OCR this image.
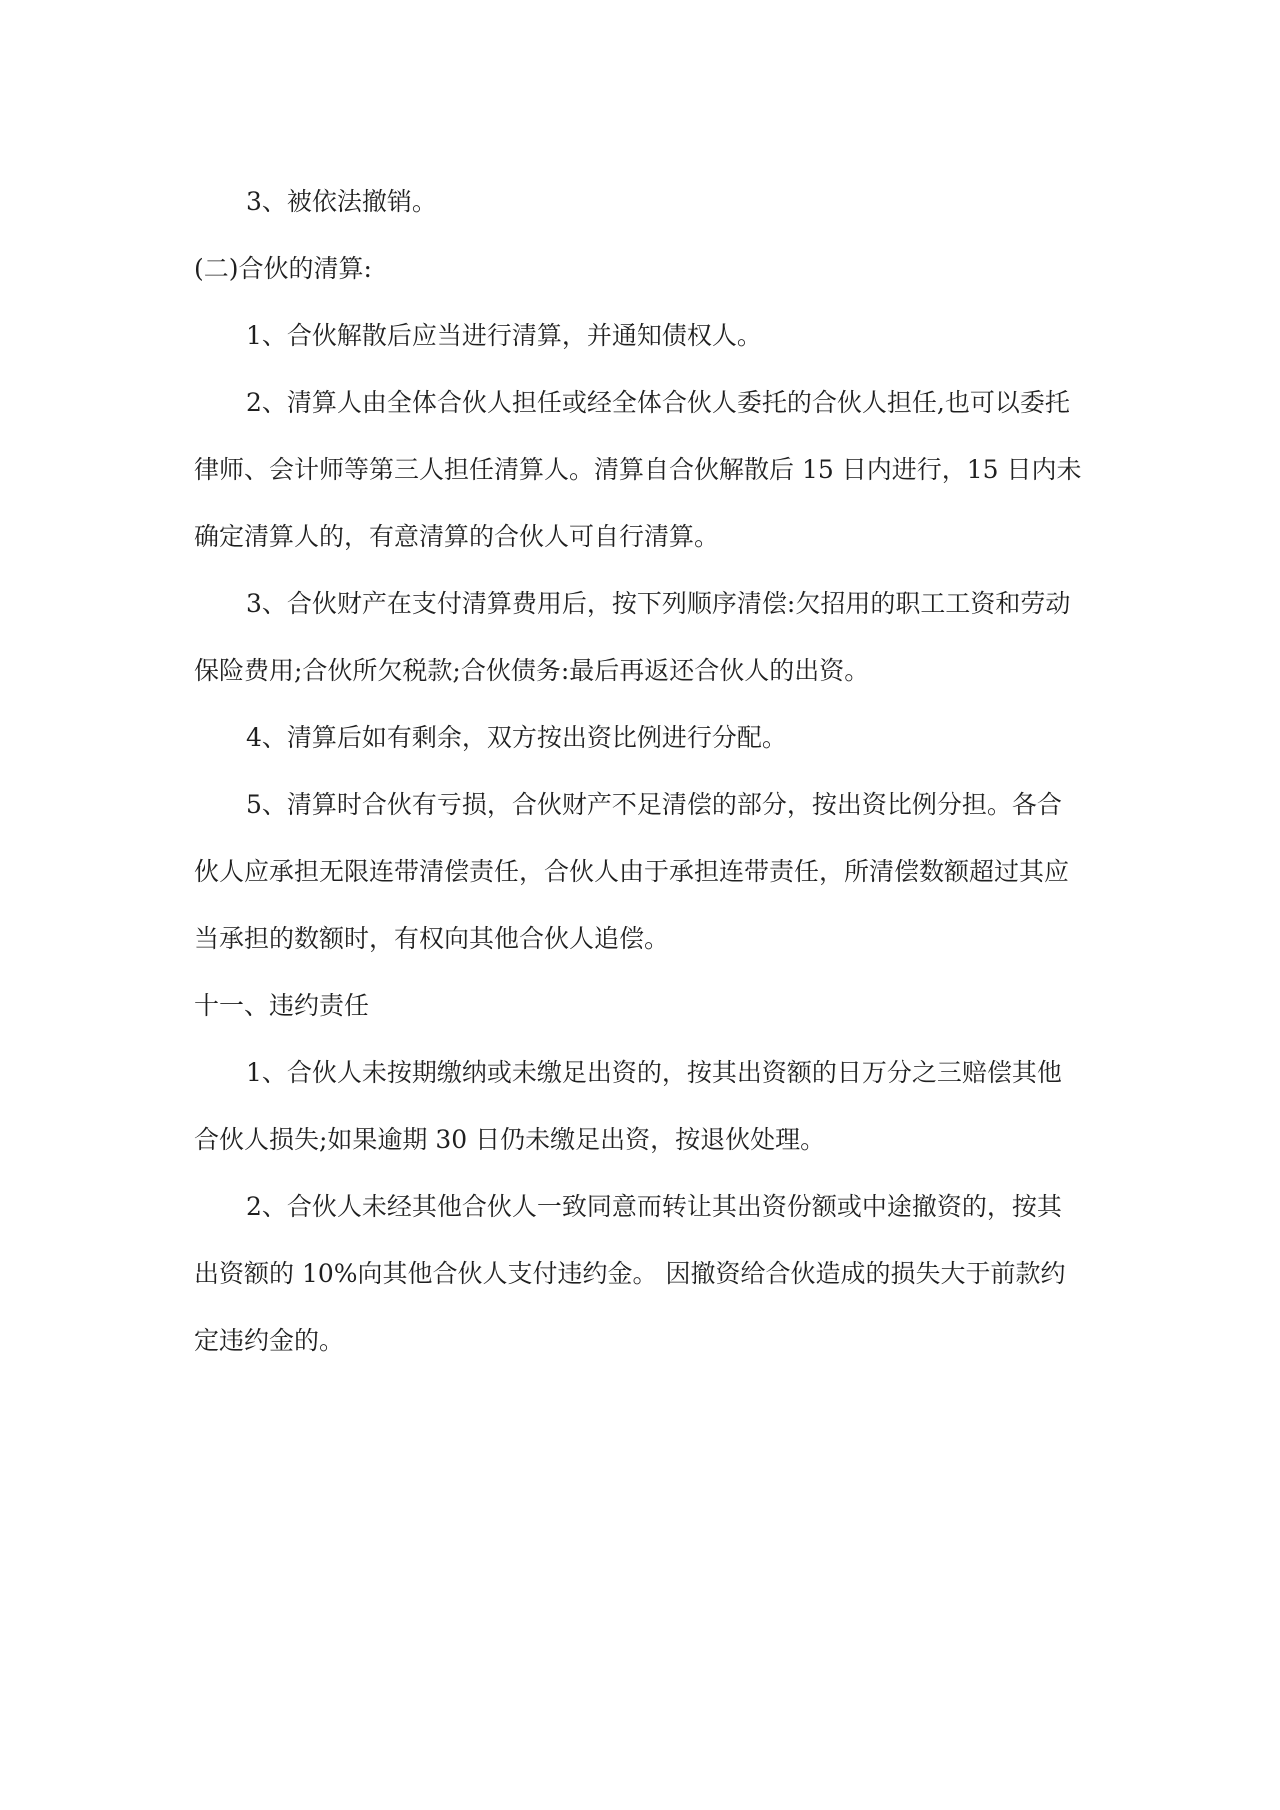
3、被依法撤销。

(二)合伙的清算:

1、合伙解散后应当进行清算，并通知债权人。

2、清算人由全体合伙人担任或经全体合伙人委托的合伙人担任,也可以委托
律师、会计师等第三人担任清算人。清算自合伙解散后 15 日内进行，15 日内未
确定清算人的，有意清算的合伙人可自行清算。

3、合伙财产在支付清算费用后，按下列顺序清偿:欠招用的职工工资和劳动
保险费用;合伙所欠税款;合伙债务:最后再返还合伙人的出资。

4、清算后如有剩余，双方按出资比例进行分配。

5、清算时合伙有亏损，合伙财产不足清偿的部分，按出资比例分担。各合
伙人应承担无限连带清偿责任，合伙人由于承担连带责任，所清偿数额超过其应
当承担的数额时，有权向其他合伙人追偿。

十一、违约责任

1、合伙人未按期缴纳或未缴足出资的，按其出资额的日万分之三赔偿其他
合伙人损失;如果逾期 30 日仍未缴足出资，按退伙处理。

2、合伙人未经其他合伙人一致同意而转让其出资份额或中途撤资的，按其
出资额的 10%向其他合伙人支付违约金。 因撤资给合伙造成的损失大于前款约
定违约金的。
